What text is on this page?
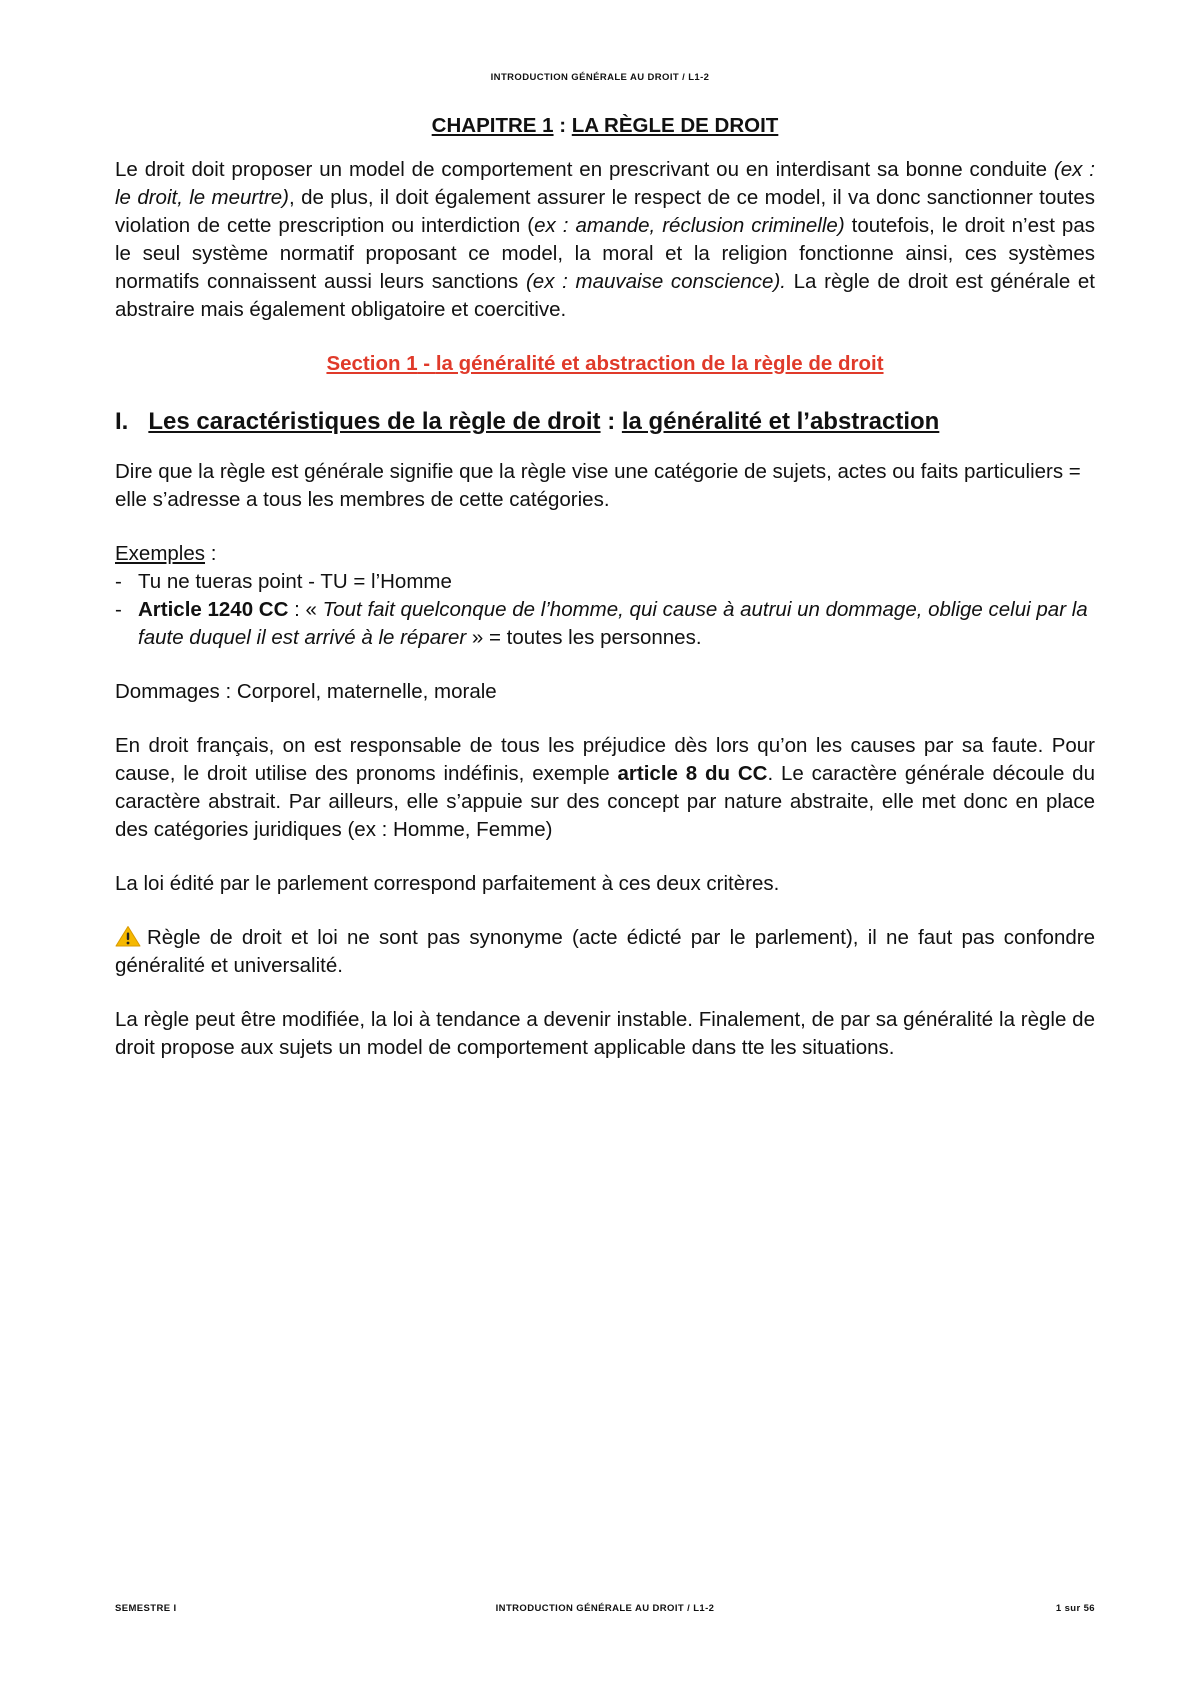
INTRODUCTION GÉNÉRALE AU DROIT / L1-2
CHAPITRE 1 : LA RÈGLE DE DROIT

Le droit doit proposer un model de comportement en prescrivant ou en interdisant sa bonne conduite (ex : le droit, le meurtre), de plus, il doit également assurer le respect de ce model, il va donc sanctionner toutes violation de cette prescription ou interdiction (ex : amande, réclusion criminelle) toutefois, le droit n’est pas le seul système normatif proposant ce model, la moral et la religion fonctionne ainsi, ces systèmes normatifs connaissent aussi leurs sanctions (ex : mauvaise conscience). La règle de droit est générale et abstraire mais également obligatoire et coercitive.

Section 1 - la généralité et abstraction de la règle de droit
I. Les caractéristiques de la règle de droit : la généralité et l’abstraction

Dire que la règle est générale signifie que la règle vise une catégorie de sujets, actes ou faits particuliers = elle s’adresse a tous les membres de cette catégories.

Exemples :

- Tu ne tueras point - TU = l’Homme
- Article 1240 CC : « Tout fait quelconque de l’homme, qui cause à autrui un dommage, oblige celui par la faute duquel il est arrivé à le réparer » = toutes les personnes.

Dommages : Corporel, maternelle, morale

En droit français, on est responsable de tous les préjudice dès lors qu’on les causes par sa faute. Pour cause, le droit utilise des pronoms indéfinis, exemple article 8 du CC. Le caractère générale découle du caractère abstrait. Par ailleurs, elle s’appuie sur des concept par nature abstraite, elle met donc en place des catégories juridiques (ex : Homme, Femme)

La loi édité par le parlement correspond parfaitement à ces deux critères.

Règle de droit et loi ne sont pas synonyme (acte édicté par le parlement), il ne faut pas confondre généralité et universalité.

La règle peut être modifiée, la loi à tendance a devenir instable. Finalement, de par sa généralité la règle de droit propose aux sujets un model de comportement applicable dans tte les situations.

SEMESTRE I	INTRODUCTION GÉNÉRALE AU DROIT / L1-2	1 sur 56
